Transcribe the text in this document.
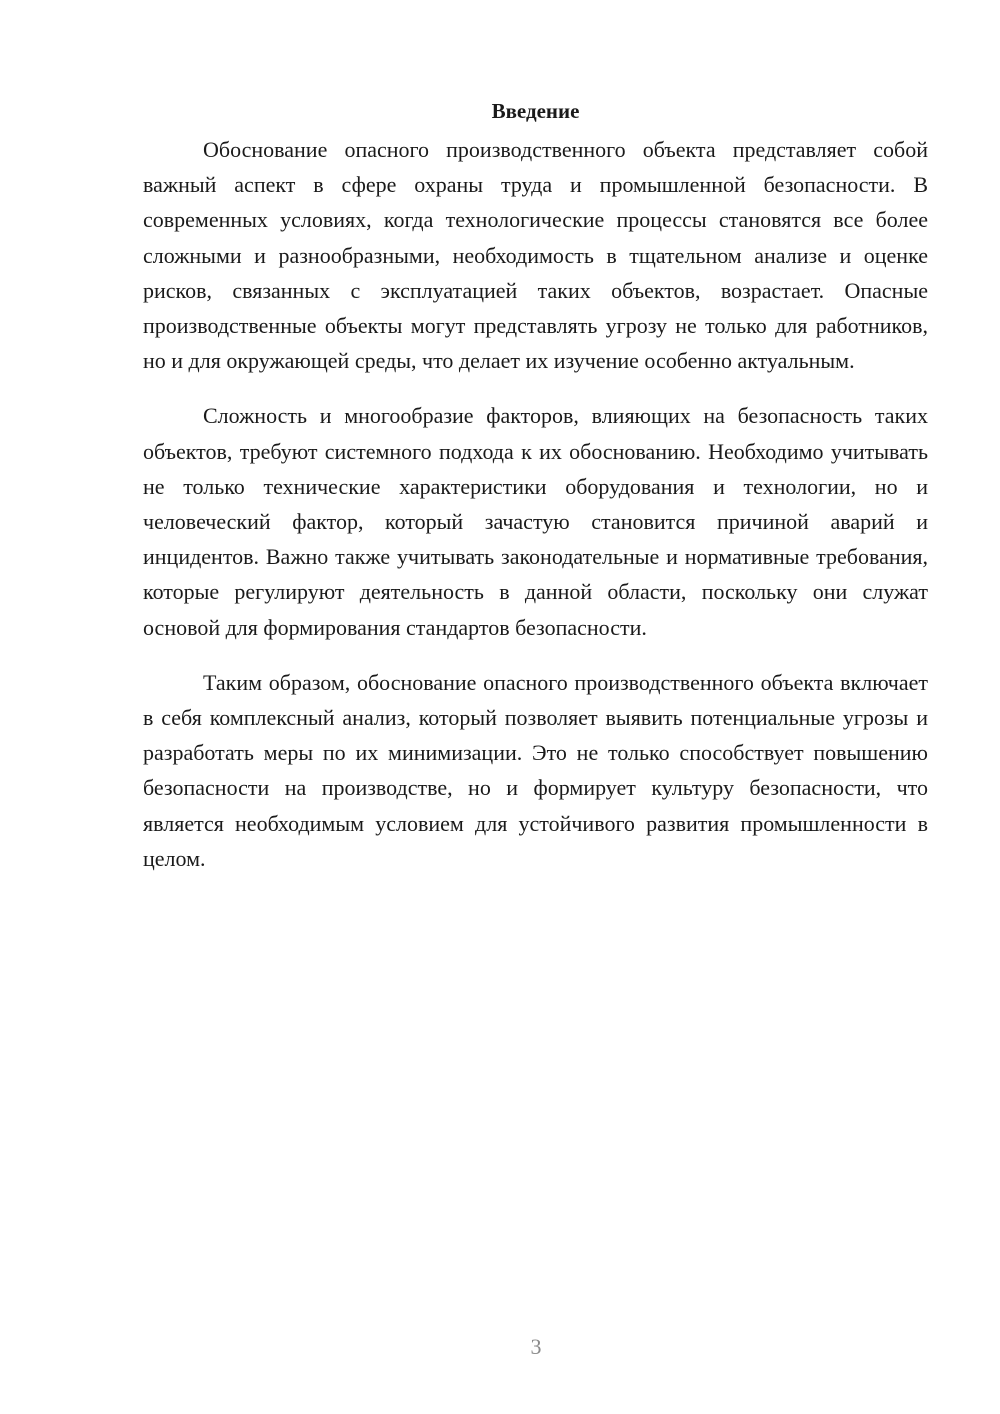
Введение

Обоснование опасного производственного объекта представляет собой важный аспект в сфере охраны труда и промышленной безопасности. В современных условиях, когда технологические процессы становятся все более сложными и разнообразными, необходимость в тщательном анализе и оценке рисков, связанных с эксплуатацией таких объектов, возрастает. Опасные производственные объекты могут представлять угрозу не только для работников, но и для окружающей среды, что делает их изучение особенно актуальным.

Сложность и многообразие факторов, влияющих на безопасность таких объектов, требуют системного подхода к их обоснованию. Необходимо учитывать не только технические характеристики оборудования и технологии, но и человеческий фактор, который зачастую становится причиной аварий и инцидентов. Важно также учитывать законодательные и нормативные требования, которые регулируют деятельность в данной области, поскольку они служат основой для формирования стандартов безопасности.

Таким образом, обоснование опасного производственного объекта включает в себя комплексный анализ, который позволяет выявить потенциальные угрозы и разработать меры по их минимизации. Это не только способствует повышению безопасности на производстве, но и формирует культуру безопасности, что является необходимым условием для устойчивого развития промышленности в целом.

3
